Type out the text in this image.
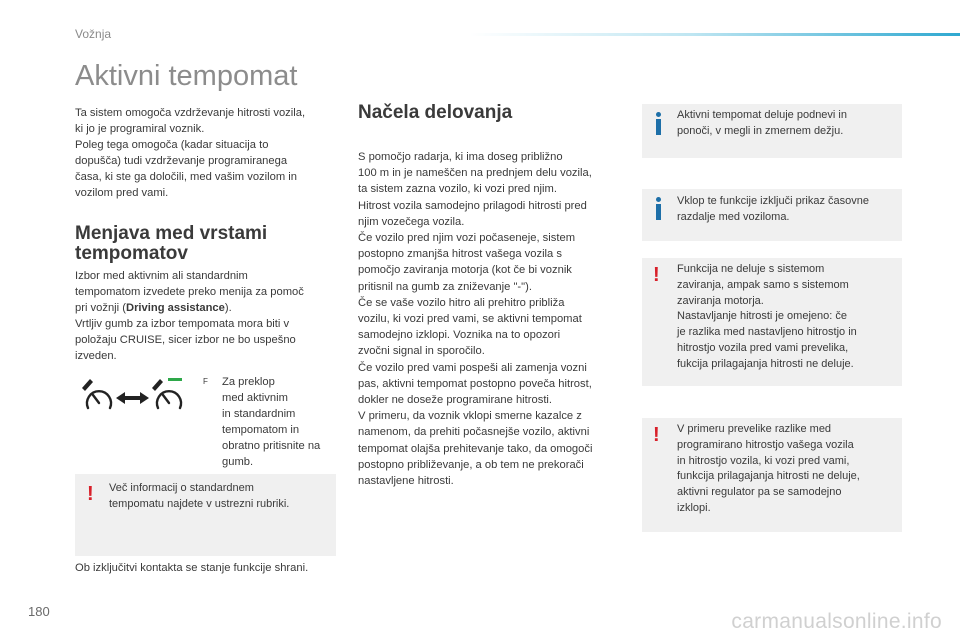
Vožnja
Aktivni tempomat
Ta sistem omogoča vzdrževanje hitrosti vozila,
ki jo je programiral voznik.
Poleg tega omogoča (kadar situacija to
dopušča) tudi vzdrževanje programiranega
časa, ki ste ga določili, med vašim vozilom in
vozilom pred vami.
Menjava med vrstami
tempomatov
Izbor med aktivnim ali standardnim
tempomatom izvedete preko menija za pomoč
pri vožnji (Driving assistance).
Vrtljiv gumb za izbor tempomata mora biti v
položaju CRUISE, sicer izbor ne bo uspešno
izveden.
F Za preklop
med aktivnim
in standardnim
tempomatom in
obratno pritisnite na
gumb.
! Več informacij o standardnem
tempomatu najdete v ustrezni rubriki.
Ob izključitvi kontakta se stanje funkcije shrani.
Načela delovanja
S pomočjo radarja, ki ima doseg približno
100 m in je nameščen na prednjem delu vozila,
ta sistem zazna vozilo, ki vozi pred njim.
Hitrost vozila samodejno prilagodi hitrosti pred
njim vozečega vozila.
Če vozilo pred njim vozi počaseneje, sistem
postopno zmanjša hitrost vašega vozila s
pomočjo zaviranja motorja (kot če bi voznik
pritisnil na gumb za zniževanje "-").
Če se vaše vozilo hitro ali prehitro približa
vozilu, ki vozi pred vami, se aktivni tempomat
samodejno izklopi. Voznika na to opozori
zvočni signal in sporočilo.
Če vozilo pred vami pospeši ali zamenja vozni
pas, aktivni tempomat postopno poveča hitrost,
dokler ne doseže programirane hitrosti.
V primeru, da voznik vklopi smerne kazalce z
namenom, da prehiti počasnejše vozilo, aktivni
tempomat olajša prehitevanje tako, da omogoči
postopno približevanje, a ob tem ne prekorači
nastavljene hitrosti.
Aktivni tempomat deluje podnevi in
ponoči, v megli in zmernem dežju.
Vklop te funkcije izključi prikaz časovne
razdalje med voziloma.
! Funkcija ne deluje s sistemom
zaviranja, ampak samo s sistemom
zaviranja motorja.
Nastavljanje hitrosti je omejeno: če
je razlika med nastavljeno hitrostjo in
hitrostjo vozila pred vami prevelika,
fukcija prilagajanja hitrosti ne deluje.
! V primeru prevelike razlike med
programirano hitrostjo vašega vozila
in hitrostjo vozila, ki vozi pred vami,
funkcija prilagajanja hitrosti ne deluje,
aktivni regulator pa se samodejno
izklopi.
180	carmanualsonline.info
